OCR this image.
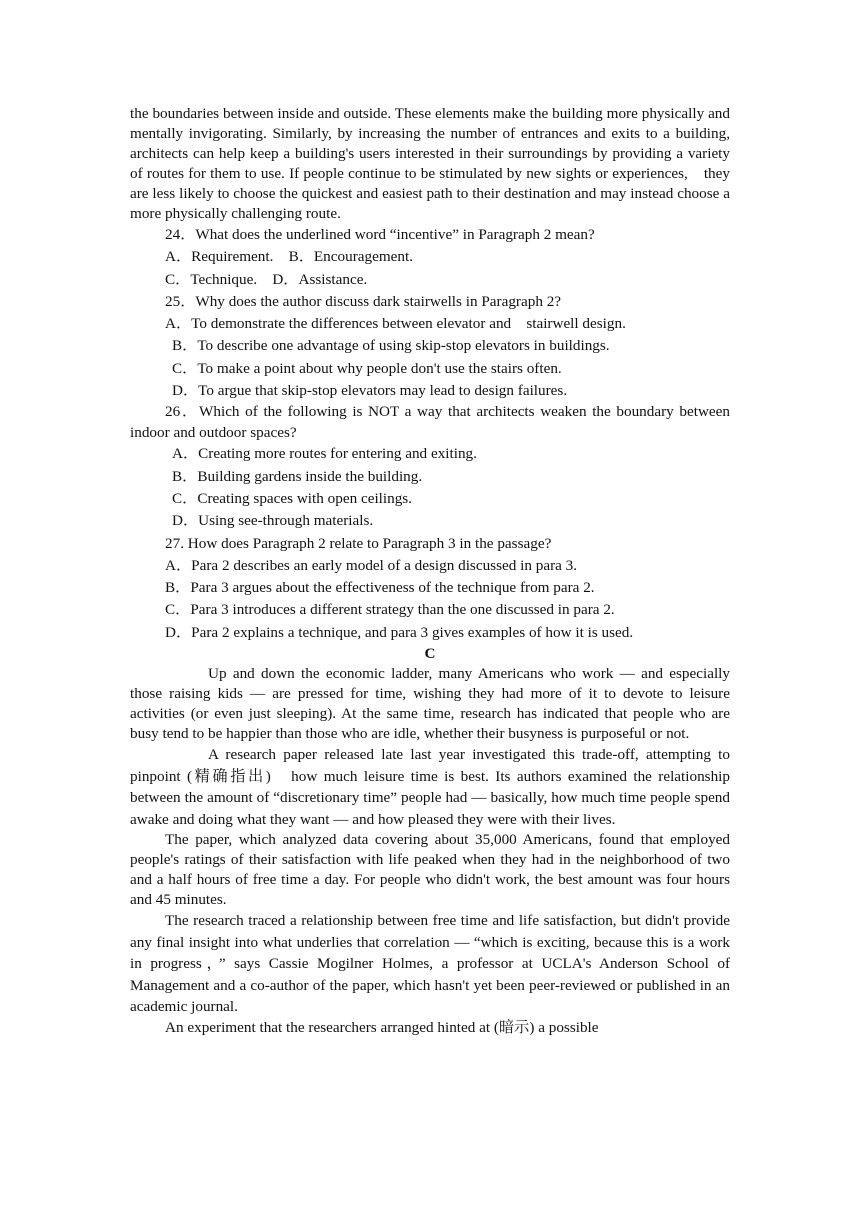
the boundaries between inside and outside. These elements make the building more physically and mentally invigorating. Similarly, by increasing the number of entrances and exits to a building, architects can help keep a building's users interested in their surroundings by providing a variety of routes for them to use. If people continue to be stimulated by new sights or experiences,　they are less likely to choose the quickest and easiest path to their destination and may instead choose a more physically challenging route.

24．What does the underlined word “incentive” in Paragraph 2 mean?

A．Requirement.　B．Encouragement.

C．Technique.　D．Assistance.

25．Why does the author discuss dark stairwells in Paragraph 2?

A．To demonstrate the differences between elevator and　stairwell design.

B．To describe one advantage of using skip-stop elevators in buildings.

C．To make a point about why people don't use the stairs often.

D．To argue that skip-stop elevators may lead to design failures.

26．Which of the following is NOT a way that architects weaken the boundary between indoor and outdoor spaces?

A．Creating more routes for entering and exiting.

B．Building gardens inside the building.

C．Creating spaces with open ceilings.

D．Using see-through materials.

27. How does Paragraph 2 relate to Paragraph 3 in the passage?

A．Para 2 describes an early model of a design discussed in para 3.

B．Para 3 argues about the effectiveness of the technique from para 2.

C．Para 3 introduces a different strategy than the one discussed in para 2.

D．Para 2 explains a technique, and para 3 gives examples of how it is used.

C

Up and down the economic ladder, many Americans who work — and especially those raising kids — are pressed for time, wishing they had more of it to devote to leisure activities (or even just sleeping). At the same time, research has indicated that people who are busy tend to be happier than those who are idle, whether their busyness is purposeful or not.

A research paper released late last year investigated this trade-off, attempting to pinpoint (精确指出)　how much leisure time is best. Its authors examined the relationship between the amount of “discretionary time” people had — basically, how much time people spend awake and doing what they want — and how pleased they were with their lives.

The paper, which analyzed data covering about 35,000 Americans, found that employed people's ratings of their satisfaction with life peaked when they had in the neighborhood of two and a half hours of free time a day. For people who didn't work, the best amount was four hours and 45 minutes.

The research traced a relationship between free time and life satisfaction, but didn't provide any final insight into what underlies that correlation — “which is exciting, because this is a work in progress，” says Cassie Mogilner Holmes, a professor at UCLA's Anderson School of Management and a co-author of the paper, which hasn't yet been peer-reviewed or published in an academic journal.

An experiment that the researchers arranged hinted at (暗示) a possible
